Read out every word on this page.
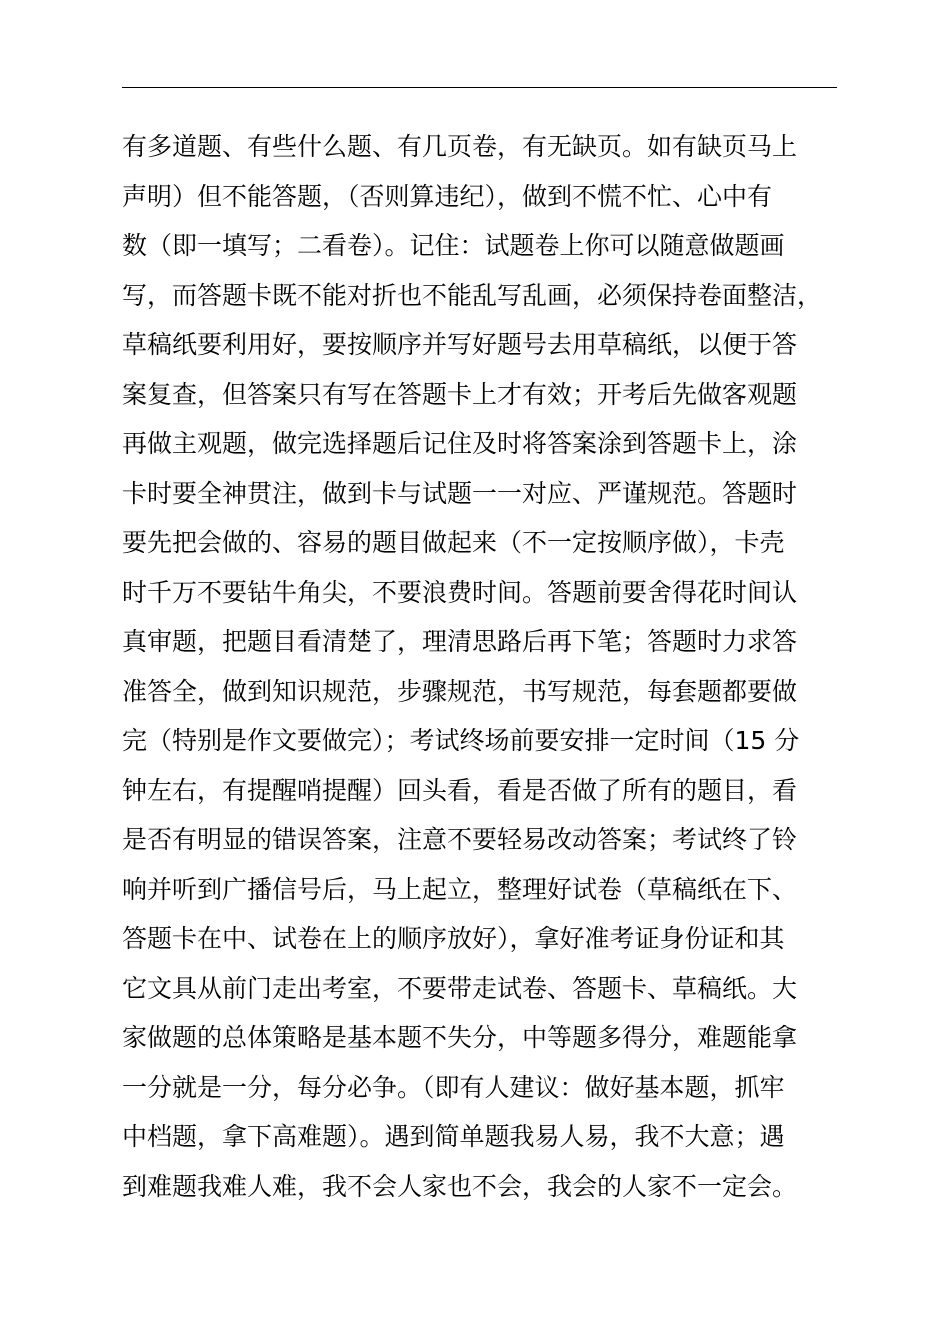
有多道题、有些什么题、有几页卷，有无缺页。如有缺页马上
声明）但不能答题，（否则算违纪），做到不慌不忙、心中有
数（即一填写；二看卷）。记住：试题卷上你可以随意做题画
写，而答题卡既不能对折也不能乱写乱画，必须保持卷面整洁，
草稿纸要利用好，要按顺序并写好题号去用草稿纸，以便于答
案复查，但答案只有写在答题卡上才有效；开考后先做客观题
再做主观题，做完选择题后记住及时将答案涂到答题卡上，涂
卡时要全神贯注，做到卡与试题一一对应、严谨规范。答题时
要先把会做的、容易的题目做起来（不一定按顺序做），卡壳
时千万不要钻牛角尖，不要浪费时间。答题前要舍得花时间认
真审题，把题目看清楚了，理清思路后再下笔；答题时力求答
准答全，做到知识规范，步骤规范，书写规范，每套题都要做
完（特别是作文要做完）；考试终场前要安排一定时间（15 分
钟左右，有提醒哨提醒）回头看，看是否做了所有的题目，看
是否有明显的错误答案，注意不要轻易改动答案；考试终了铃
响并听到广播信号后，马上起立，整理好试卷（草稿纸在下、
答题卡在中、试卷在上的顺序放好），拿好准考证身份证和其
它文具从前门走出考室，不要带走试卷、答题卡、草稿纸。大
家做题的总体策略是基本题不失分，中等题多得分，难题能拿
一分就是一分，每分必争。（即有人建议：做好基本题，抓牢
中档题，拿下高难题）。遇到简单题我易人易，我不大意；遇
到难题我难人难，我不会人家也不会，我会的人家不一定会。
